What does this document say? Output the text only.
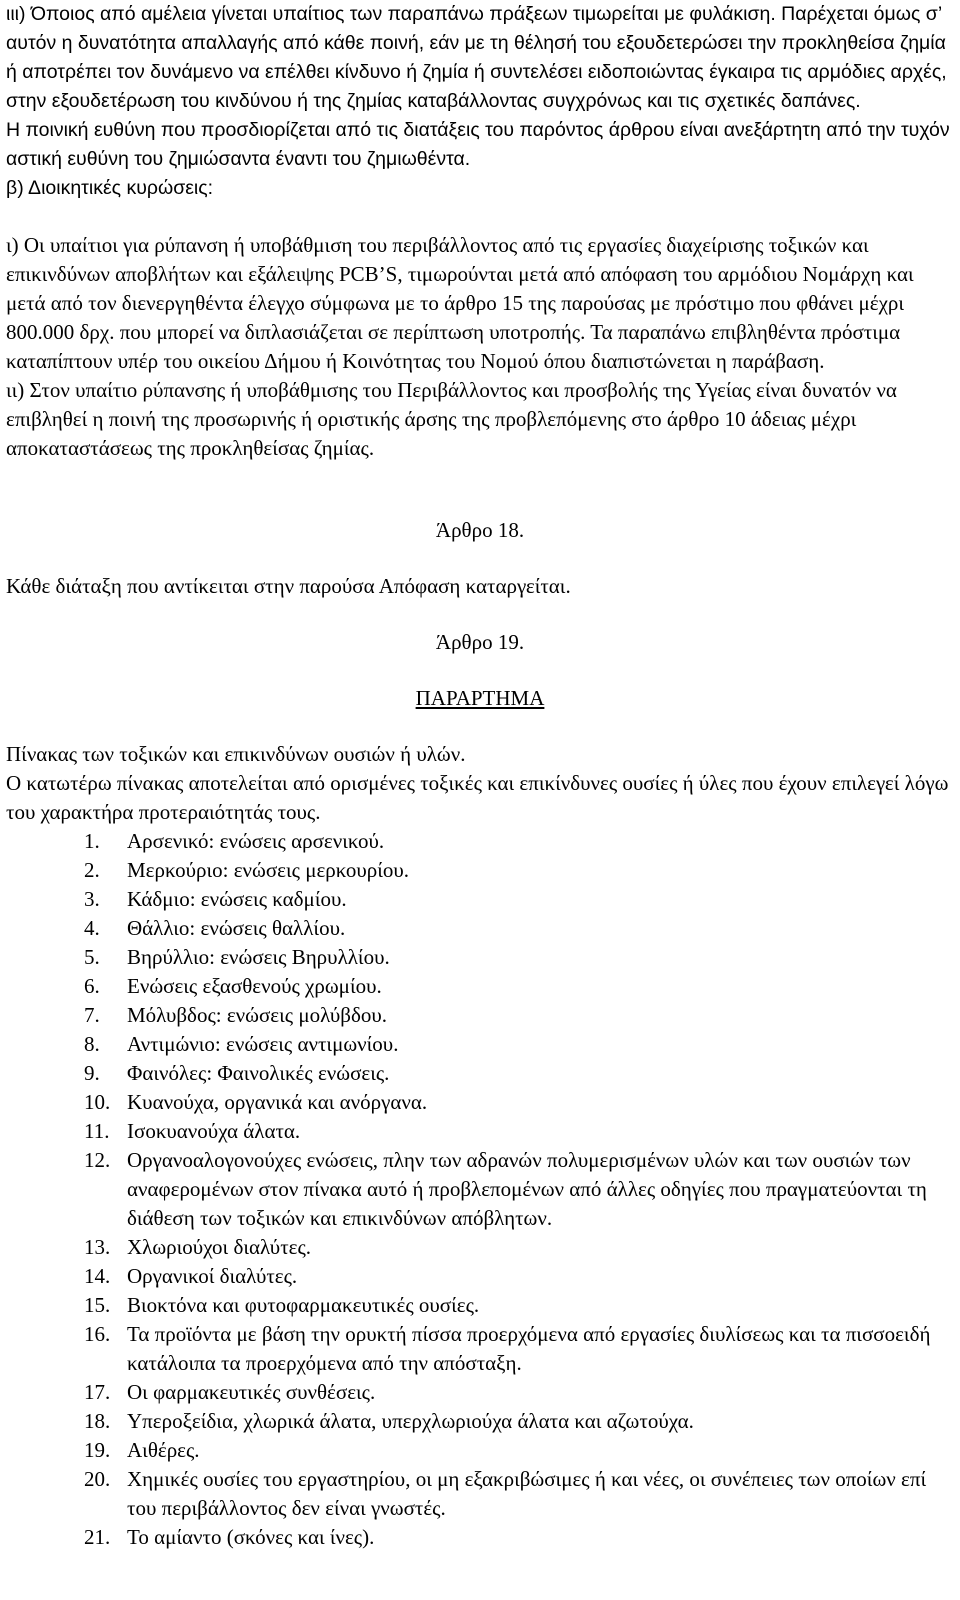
ιιι) Όποιος από αμέλεια γίνεται υπαίτιος των παραπάνω πράξεων τιμωρείται με φυλάκιση. Παρέχεται όμως σ’ αυτόν η δυνατότητα απαλλαγής από κάθε ποινή, εάν με τη θέλησή του εξουδετερώσει την προκληθείσα ζημία ή αποτρέπει τον δυνάμενο να επέλθει κίνδυνο ή ζημία ή συντελέσει ειδοποιώντας έγκαιρα τις αρμόδιες αρχές, στην εξουδετέρωση του κινδύνου ή της ζημίας καταβάλλοντας συγχρόνως και τις σχετικές δαπάνες.

Η ποινική ευθύνη που προσδιορίζεται από τις διατάξεις του παρόντος άρθρου είναι ανεξάρτητη από την τυχόν αστική ευθύνη του ζημιώσαντα έναντι του ζημιωθέντα.

β) Διοικητικές κυρώσεις:

ι) Οι υπαίτιοι για ρύπανση ή υποβάθμιση του περιβάλλοντος από τις εργασίες διαχείρισης τοξικών και επικινδύνων αποβλήτων και εξάλειψης PCB’S, τιμωρούνται μετά από απόφαση του αρμόδιου Νομάρχη και μετά από τον διενεργηθέντα έλεγχο σύμφωνα με το άρθρο 15 της παρούσας με πρόστιμο που φθάνει μέχρι 800.000 δρχ. που μπορεί να διπλασιάζεται σε περίπτωση υποτροπής. Τα παραπάνω επιβληθέντα πρόστιμα καταπίπτουν υπέρ του οικείου Δήμου ή Κοινότητας του Νομού όπου διαπιστώνεται η παράβαση.

ιι) Στον υπαίτιο ρύπανσης ή υποβάθμισης του Περιβάλλοντος και προσβολής της Υγείας είναι δυνατόν να επιβληθεί η ποινή της προσωρινής ή οριστικής άρσης της προβλεπόμενης στο άρθρο 10 άδειας μέχρι αποκαταστάσεως της προκληθείσας ζημίας.

Άρθρο 18.

Κάθε διάταξη που αντίκειται στην παρούσα Απόφαση καταργείται.

Άρθρο 19.

ΠΑΡΑΡΤΗΜΑ

Πίνακας των τοξικών και επικινδύνων ουσιών ή υλών.

Ο κατωτέρω πίνακας αποτελείται από ορισμένες τοξικές και επικίνδυνες ουσίες ή ύλες που έχουν επιλεγεί λόγω του χαρακτήρα προτεραιότητάς τους.

1.	Αρσενικό: ενώσεις αρσενικού.
2.	Μερκούριο: ενώσεις μερκουρίου.
3.	Κάδμιο: ενώσεις καδμίου.
4.	Θάλλιο: ενώσεις θαλλίου.
5.	Βηρύλλιο: ενώσεις Βηρυλλίου.
6.	Ενώσεις εξασθενούς χρωμίου.
7.	Μόλυβδος: ενώσεις μολύβδου.
8.	Αντιμώνιο: ενώσεις αντιμωνίου.
9.	Φαινόλες: Φαινολικές ενώσεις.
10. Κυανούχα, οργανικά και ανόργανα.
11. Ισοκυανούχα άλατα.
12. Οργανοαλογονούχες ενώσεις, πλην των αδρανών πολυμερισμένων υλών και των ουσιών των αναφερομένων στον πίνακα αυτό ή προβλεπομένων από άλλες οδηγίες που πραγματεύονται τη διάθεση των τοξικών και επικινδύνων απόβλητων.
13. Χλωριούχοι διαλύτες.
14. Οργανικοί διαλύτες.
15. Βιοκτόνα και φυτοφαρμακευτικές ουσίες.
16. Τα προϊόντα με βάση την ορυκτή πίσσα προερχόμενα από εργασίες διυλίσεως και τα πισσοειδή κατάλοιπα τα προερχόμενα από την απόσταξη.
17. Οι φαρμακευτικές συνθέσεις.
18. Υπεροξείδια, χλωρικά άλατα, υπερχλωριούχα άλατα και αζωτούχα.
19. Αιθέρες.
20. Χημικές ουσίες του εργαστηρίου, οι μη εξακριβώσιμες ή και νέες, οι συνέπειες των οποίων επί του περιβάλλοντος δεν είναι γνωστές.
21. Το αμίαντο (σκόνες και ίνες).
